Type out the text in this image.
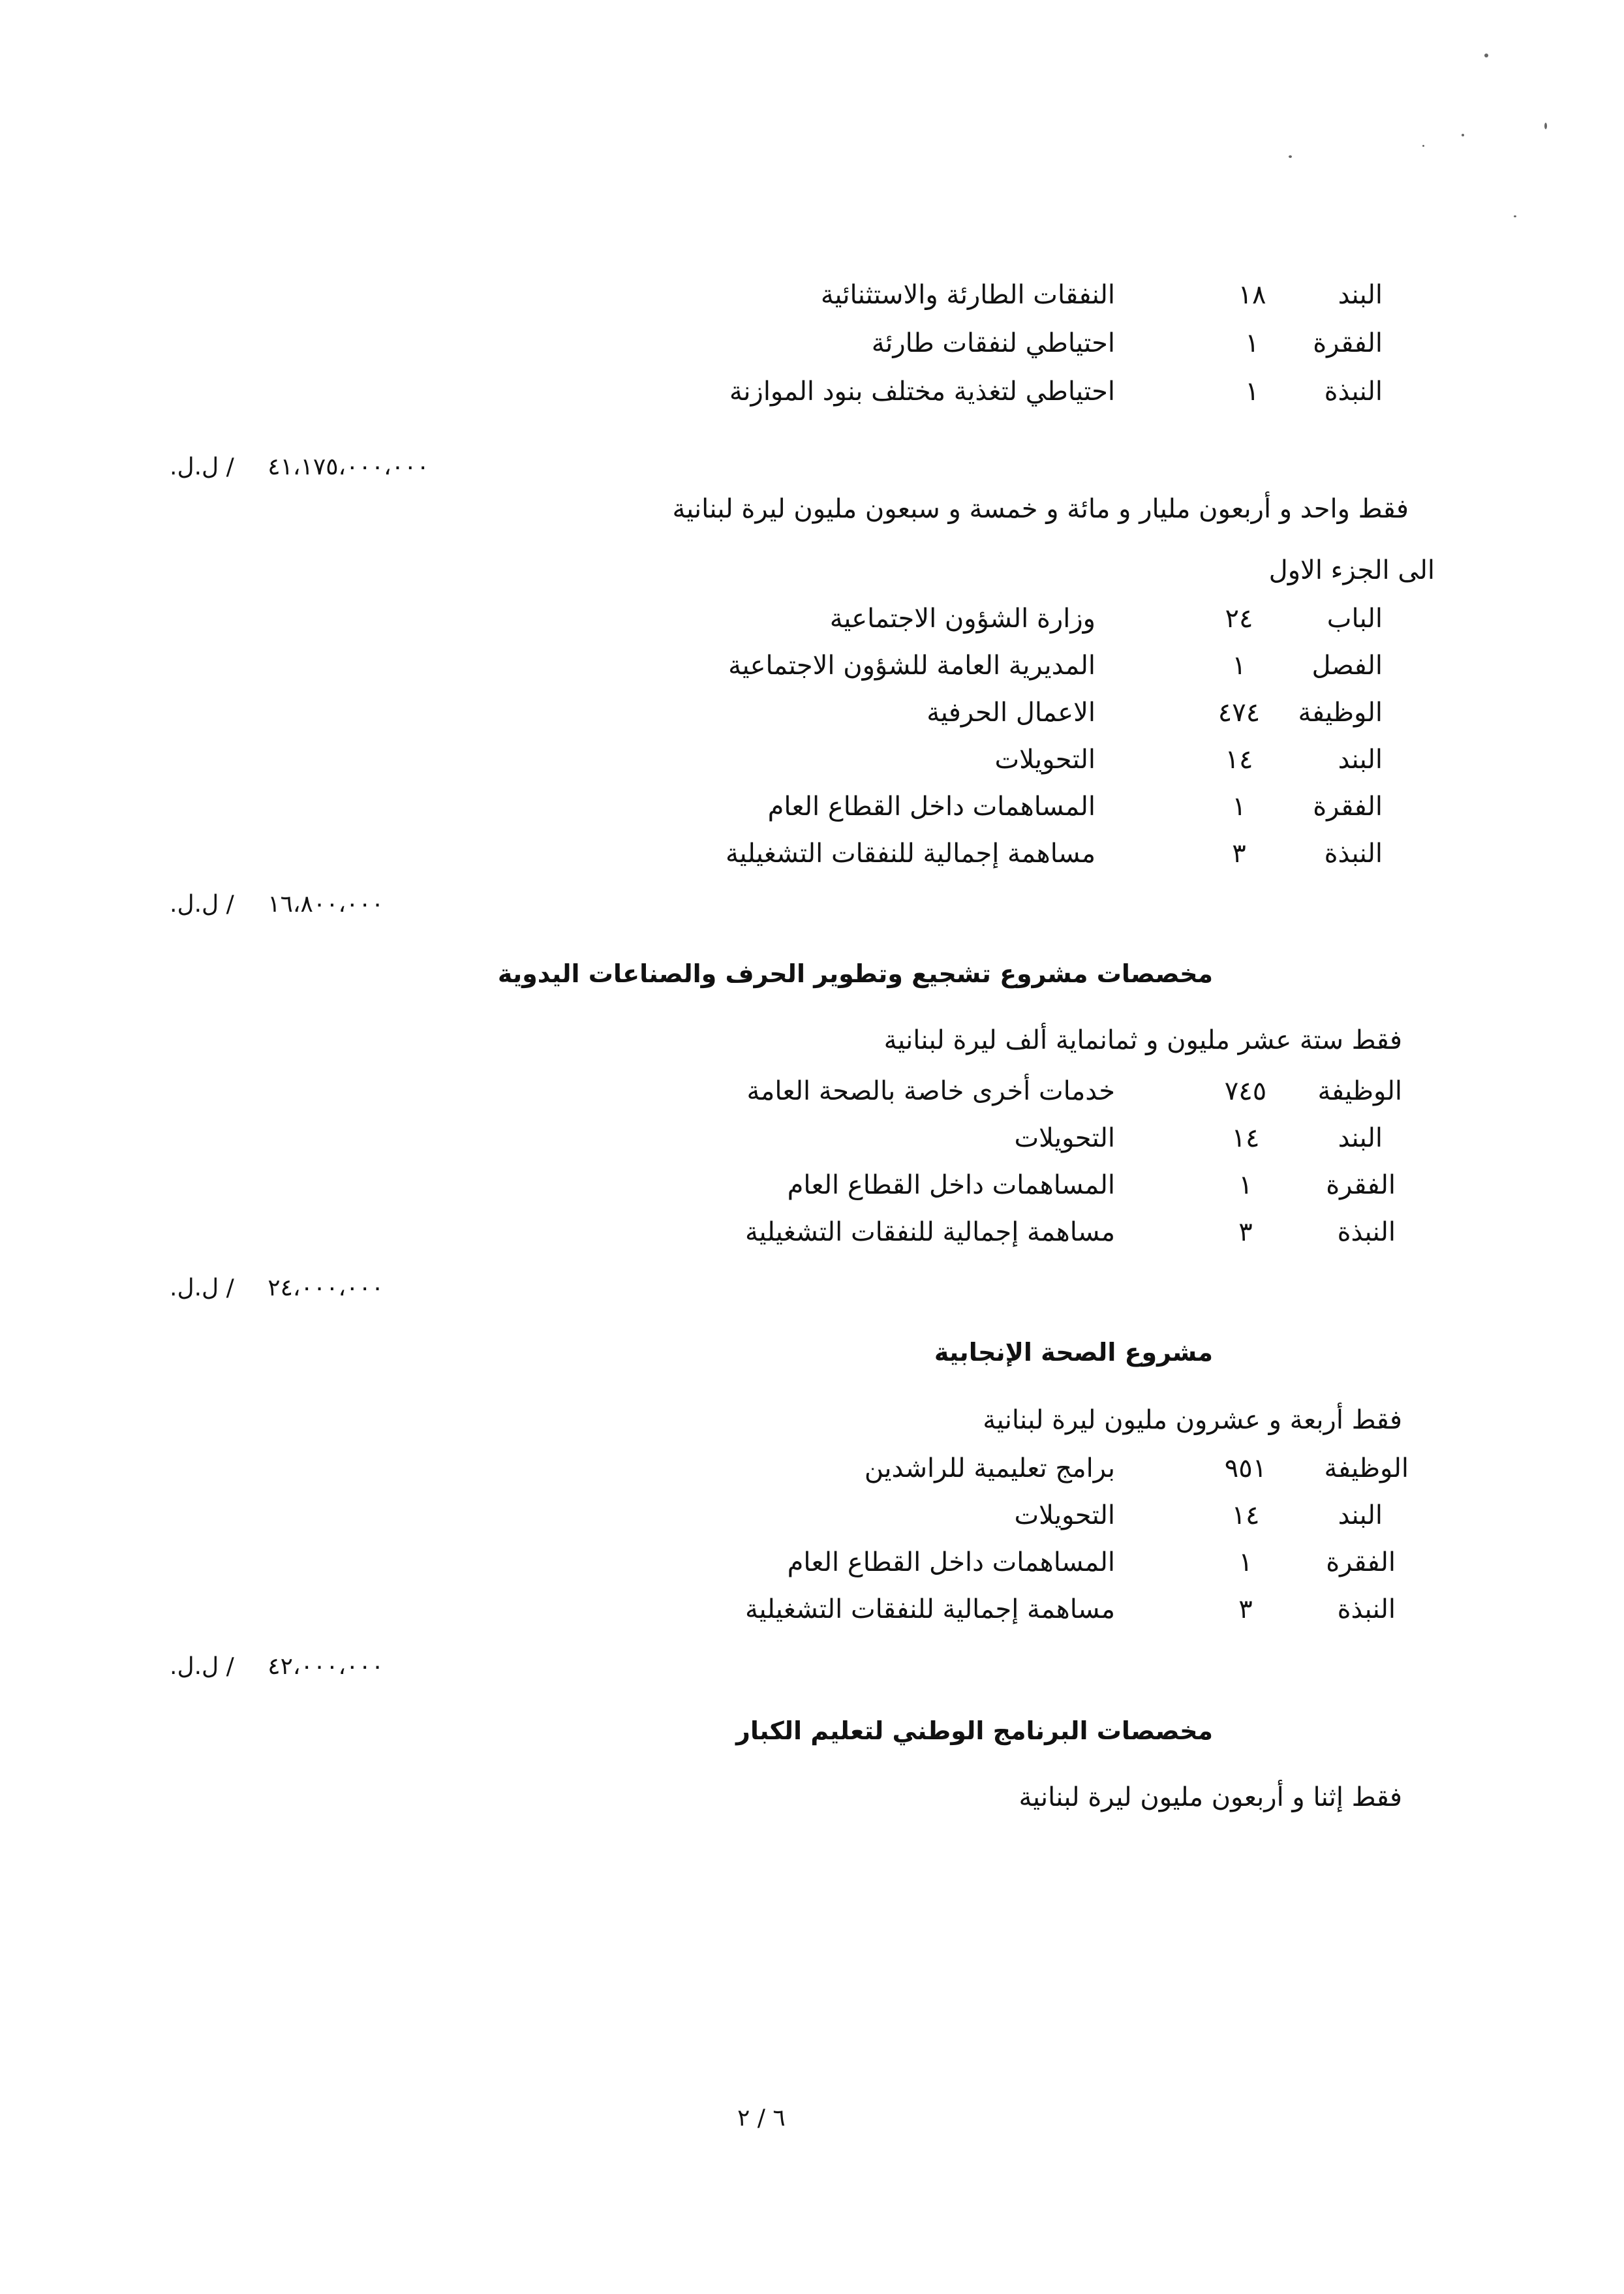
البند
١٨
النفقات الطارئة والاستثنائية
الفقرة
١
احتياطي لنفقات طارئة
النبذة
١
احتياطي لتغذية مختلف بنود الموازنة
ل.ل. / ٤١،١٧٥،٠٠٠،٠٠٠
فقط واحد و أربعون مليار و مائة و خمسة و سبعون مليون ليرة لبنانية
الى الجزء الاول
الباب
٢٤
وزارة الشؤون الاجتماعية
الفصل
١
المديرية العامة للشؤون الاجتماعية
الوظيفة
٤٧٤
الاعمال الحرفية
البند
١٤
التحويلات
الفقرة
١
المساهمات داخل القطاع العام
النبذة
٣
مساهمة إجمالية للنفقات التشغيلية
ل.ل. / ١٦،٨٠٠،٠٠٠
مخصصات مشروع تشجيع وتطوير الحرف والصناعات اليدوية
فقط ستة عشر مليون و ثمانماية ألف ليرة لبنانية
الوظيفة
٧٤٥
خدمات أخرى خاصة بالصحة العامة
البند
١٤
التحويلات
الفقرة
١
المساهمات داخل القطاع العام
النبذة
٣
مساهمة إجمالية للنفقات التشغيلية
ل.ل. / ٢٤،٠٠٠،٠٠٠
مشروع الصحة الإنجابية
فقط أربعة و عشرون مليون ليرة لبنانية
الوظيفة
٩٥١
برامج تعليمية للراشدين
البند
١٤
التحويلات
الفقرة
١
المساهمات داخل القطاع العام
النبذة
٣
مساهمة إجمالية للنفقات التشغيلية
ل.ل. / ٤٢،٠٠٠،٠٠٠
مخصصات البرنامج الوطني لتعليم الكبار
فقط إثنا و أربعون مليون ليرة لبنانية
٦ / ٢
